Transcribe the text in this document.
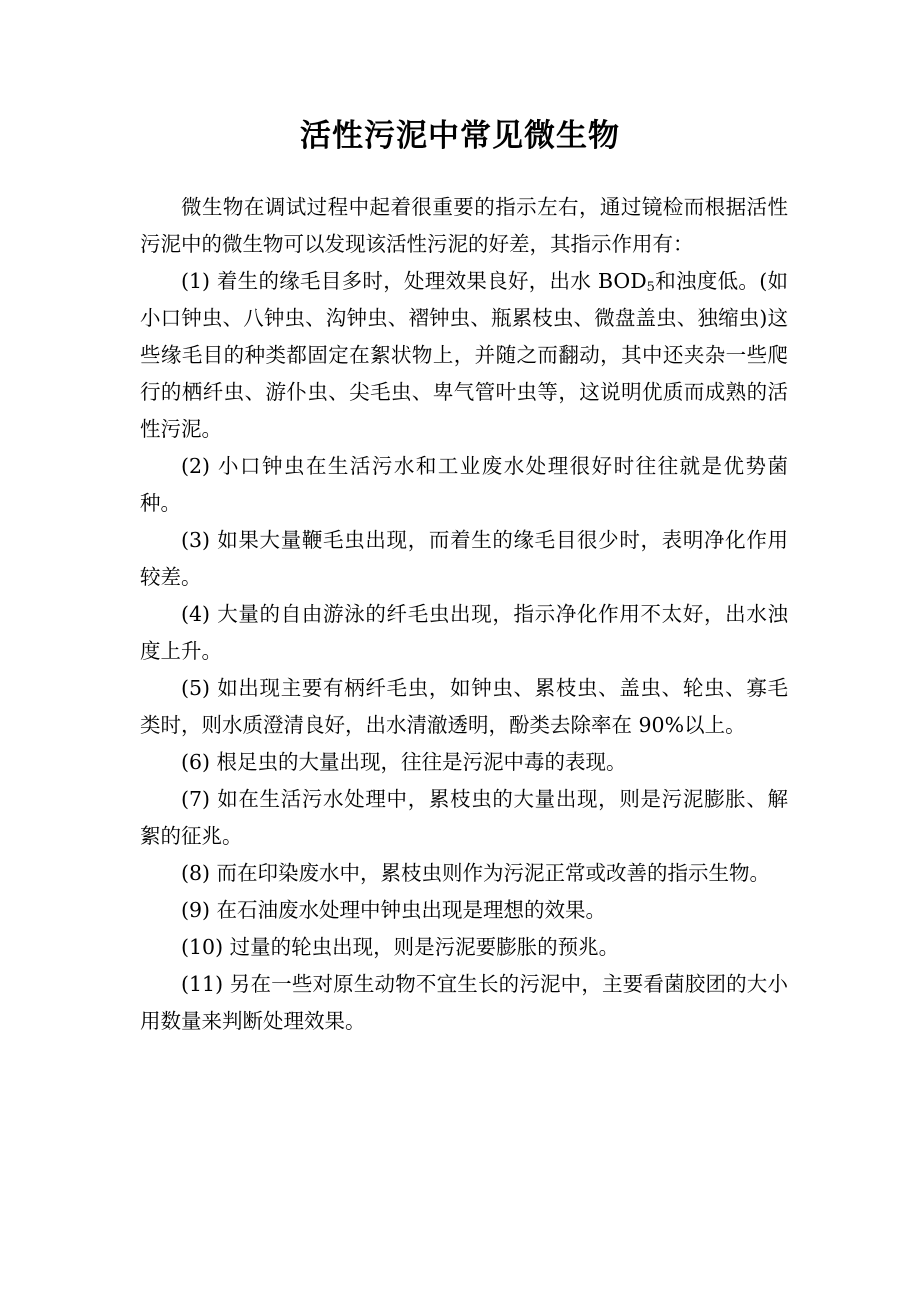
活性污泥中常见微生物

微生物在调试过程中起着很重要的指示左右，通过镜检而根据活性污泥中的微生物可以发现该活性污泥的好差，其指示作用有：

(1) 着生的缘毛目多时，处理效果良好，出水 $BOD_5$和浊度低。(如小口钟虫、八钟虫、沟钟虫、褶钟虫、瓶累枝虫、微盘盖虫、独缩虫)这些缘毛目的种类都固定在絮状物上，并随之而翻动，其中还夹杂一些爬行的栖纤虫、游仆虫、尖毛虫、卑气管叶虫等，这说明优质而成熟的活性污泥。

(2) 小口钟虫在生活污水和工业废水处理很好时往往就是优势菌种。

(3) 如果大量鞭毛虫出现，而着生的缘毛目很少时，表明净化作用较差。

(4) 大量的自由游泳的纤毛虫出现，指示净化作用不太好，出水浊度上升。

(5) 如出现主要有柄纤毛虫，如钟虫、累枝虫、盖虫、轮虫、寡毛类时，则水质澄清良好，出水清澈透明，酚类去除率在 90%以上。

(6) 根足虫的大量出现，往往是污泥中毒的表现。

(7) 如在生活污水处理中，累枝虫的大量出现，则是污泥膨胀、解絮的征兆。

(8) 而在印染废水中，累枝虫则作为污泥正常或改善的指示生物。

(9) 在石油废水处理中钟虫出现是理想的效果。

(10) 过量的轮虫出现，则是污泥要膨胀的预兆。

(11) 另在一些对原生动物不宜生长的污泥中，主要看菌胶团的大小用数量来判断处理效果。
